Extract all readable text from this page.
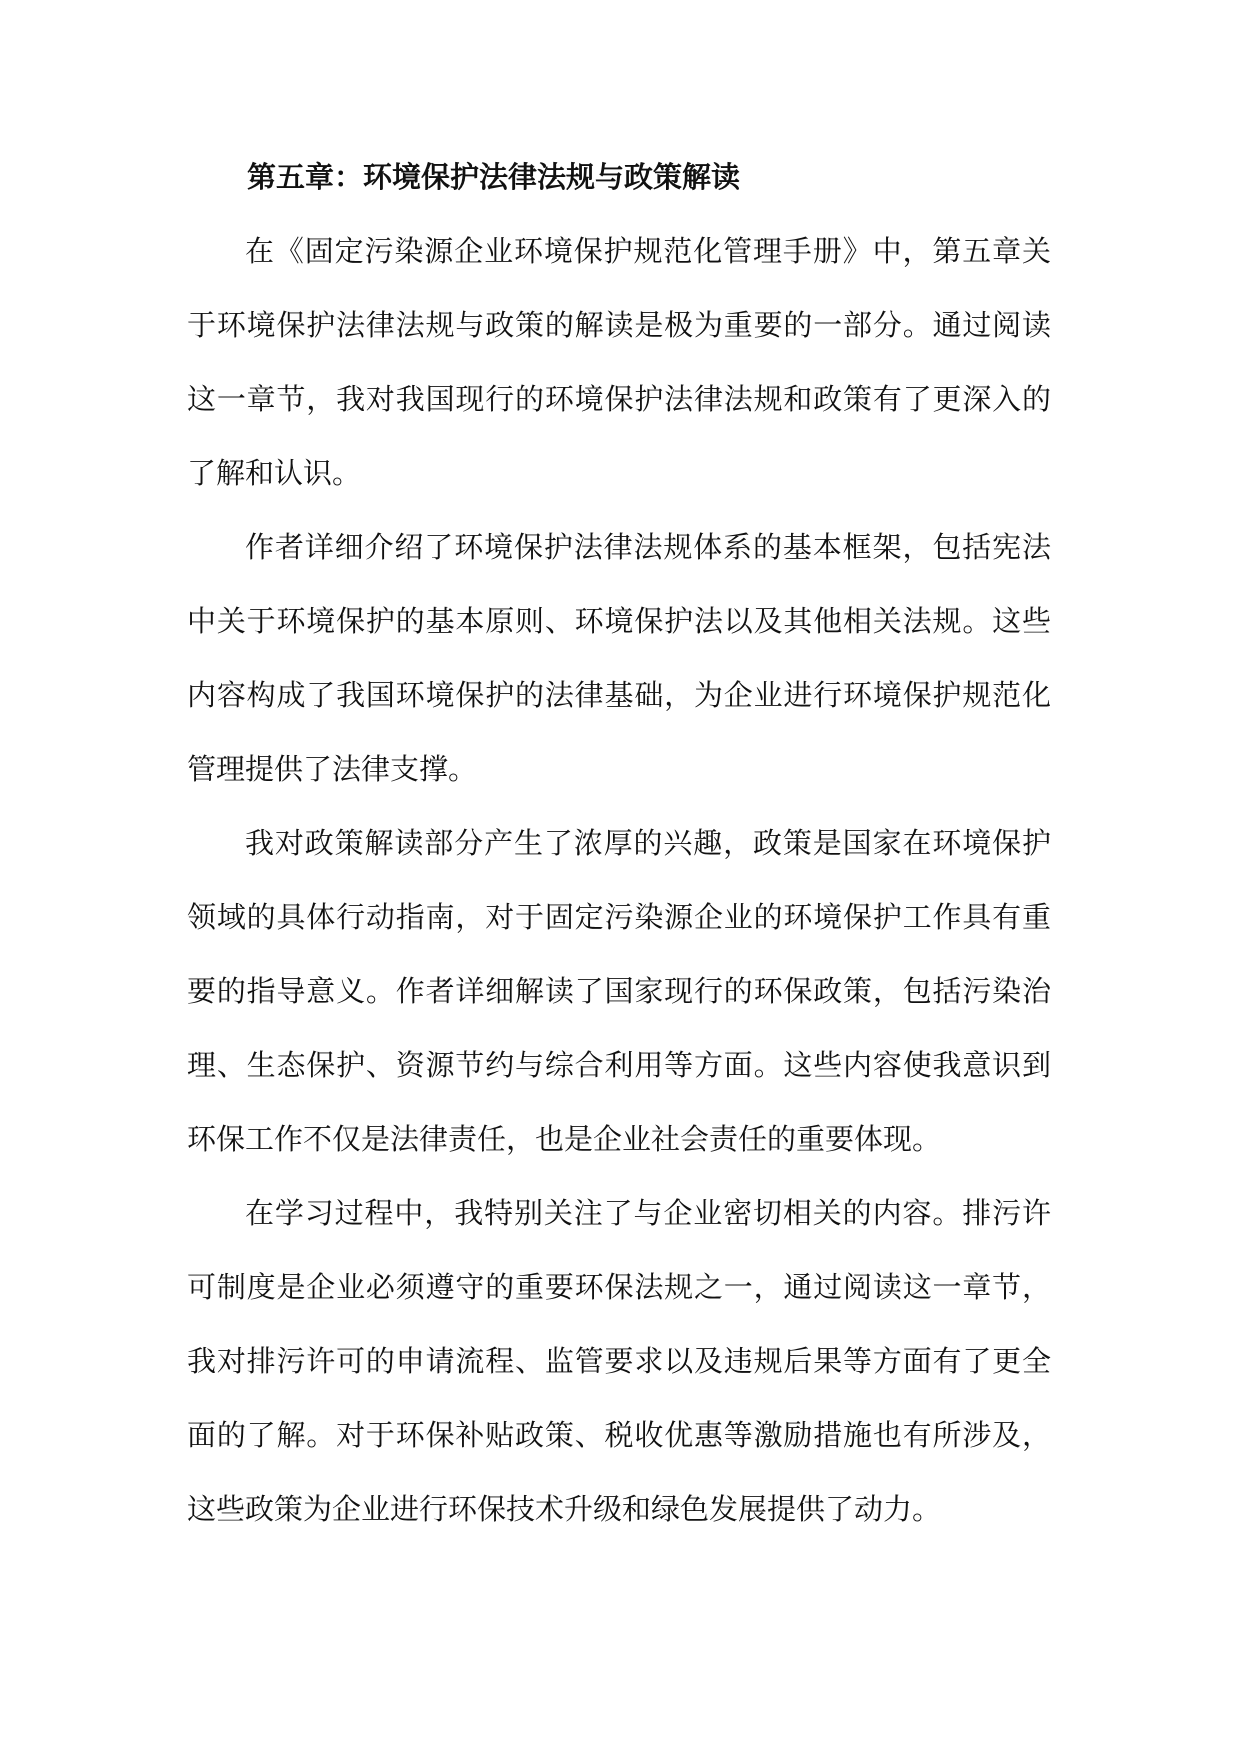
第五章：环境保护法律法规与政策解读

在《固定污染源企业环境保护规范化管理手册》中，第五章关于环境保护法律法规与政策的解读是极为重要的一部分。通过阅读这一章节，我对我国现行的环境保护法律法规和政策有了更深入的了解和认识。

作者详细介绍了环境保护法律法规体系的基本框架，包括宪法中关于环境保护的基本原则、环境保护法以及其他相关法规。这些内容构成了我国环境保护的法律基础，为企业进行环境保护规范化管理提供了法律支撑。

我对政策解读部分产生了浓厚的兴趣，政策是国家在环境保护领域的具体行动指南，对于固定污染源企业的环境保护工作具有重要的指导意义。作者详细解读了国家现行的环保政策，包括污染治理、生态保护、资源节约与综合利用等方面。这些内容使我意识到环保工作不仅是法律责任，也是企业社会责任的重要体现。

在学习过程中，我特别关注了与企业密切相关的内容。排污许可制度是企业必须遵守的重要环保法规之一，通过阅读这一章节，我对排污许可的申请流程、监管要求以及违规后果等方面有了更全面的了解。对于环保补贴政策、税收优惠等激励措施也有所涉及，这些政策为企业进行环保技术升级和绿色发展提供了动力。
